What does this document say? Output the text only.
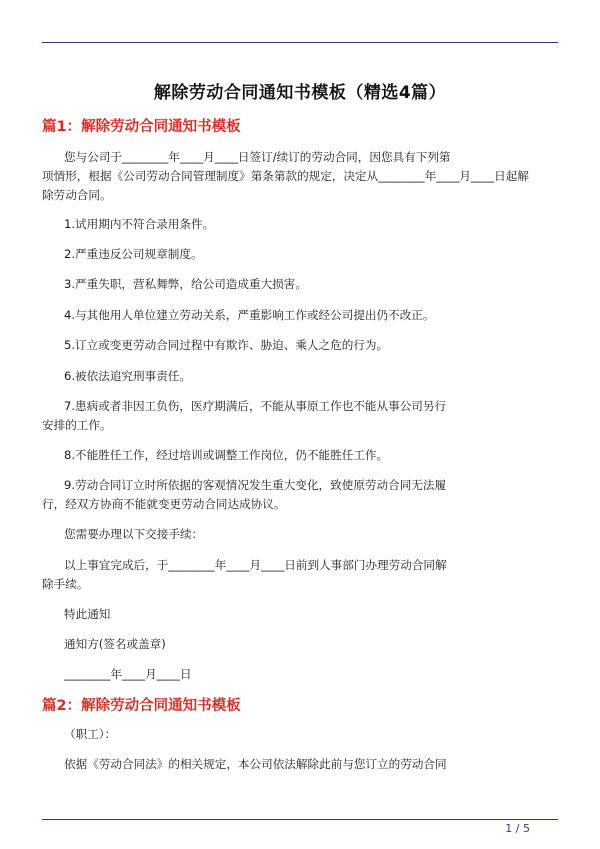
解除劳动合同通知书模板（精选4篇）
篇1：解除劳动合同通知书模板
您与公司于________年____月____日签订/续订的劳动合同，因您具有下列第
项情形，根据《公司劳动合同管理制度》第条第款的规定，决定从________年____月____日起解
除劳动合同。
1.试用期内不符合录用条件。
2.严重违反公司规章制度。
3.严重失职，营私舞弊，给公司造成重大损害。
4.与其他用人单位建立劳动关系，严重影响工作或经公司提出仍不改正。
5.订立或变更劳动合同过程中有欺诈、胁迫、乘人之危的行为。
6.被依法追究刑事责任。
7.患病或者非因工负伤，医疗期满后，不能从事原工作也不能从事公司另行
安排的工作。
8.不能胜任工作，经过培训或调整工作岗位，仍不能胜任工作。
9.劳动合同订立时所依据的客观情况发生重大变化，致使原劳动合同无法履
行，经双方协商不能就变更劳动合同达成协议。
您需要办理以下交接手续：
以上事宜完成后，于________年____月____日前到人事部门办理劳动合同解
除手续。
特此通知
通知方(签名或盖章)
________年____月____日
篇2：解除劳动合同通知书模板
（职工）：
依据《劳动合同法》的相关规定，本公司依法解除此前与您订立的劳动合同
1 / 5
